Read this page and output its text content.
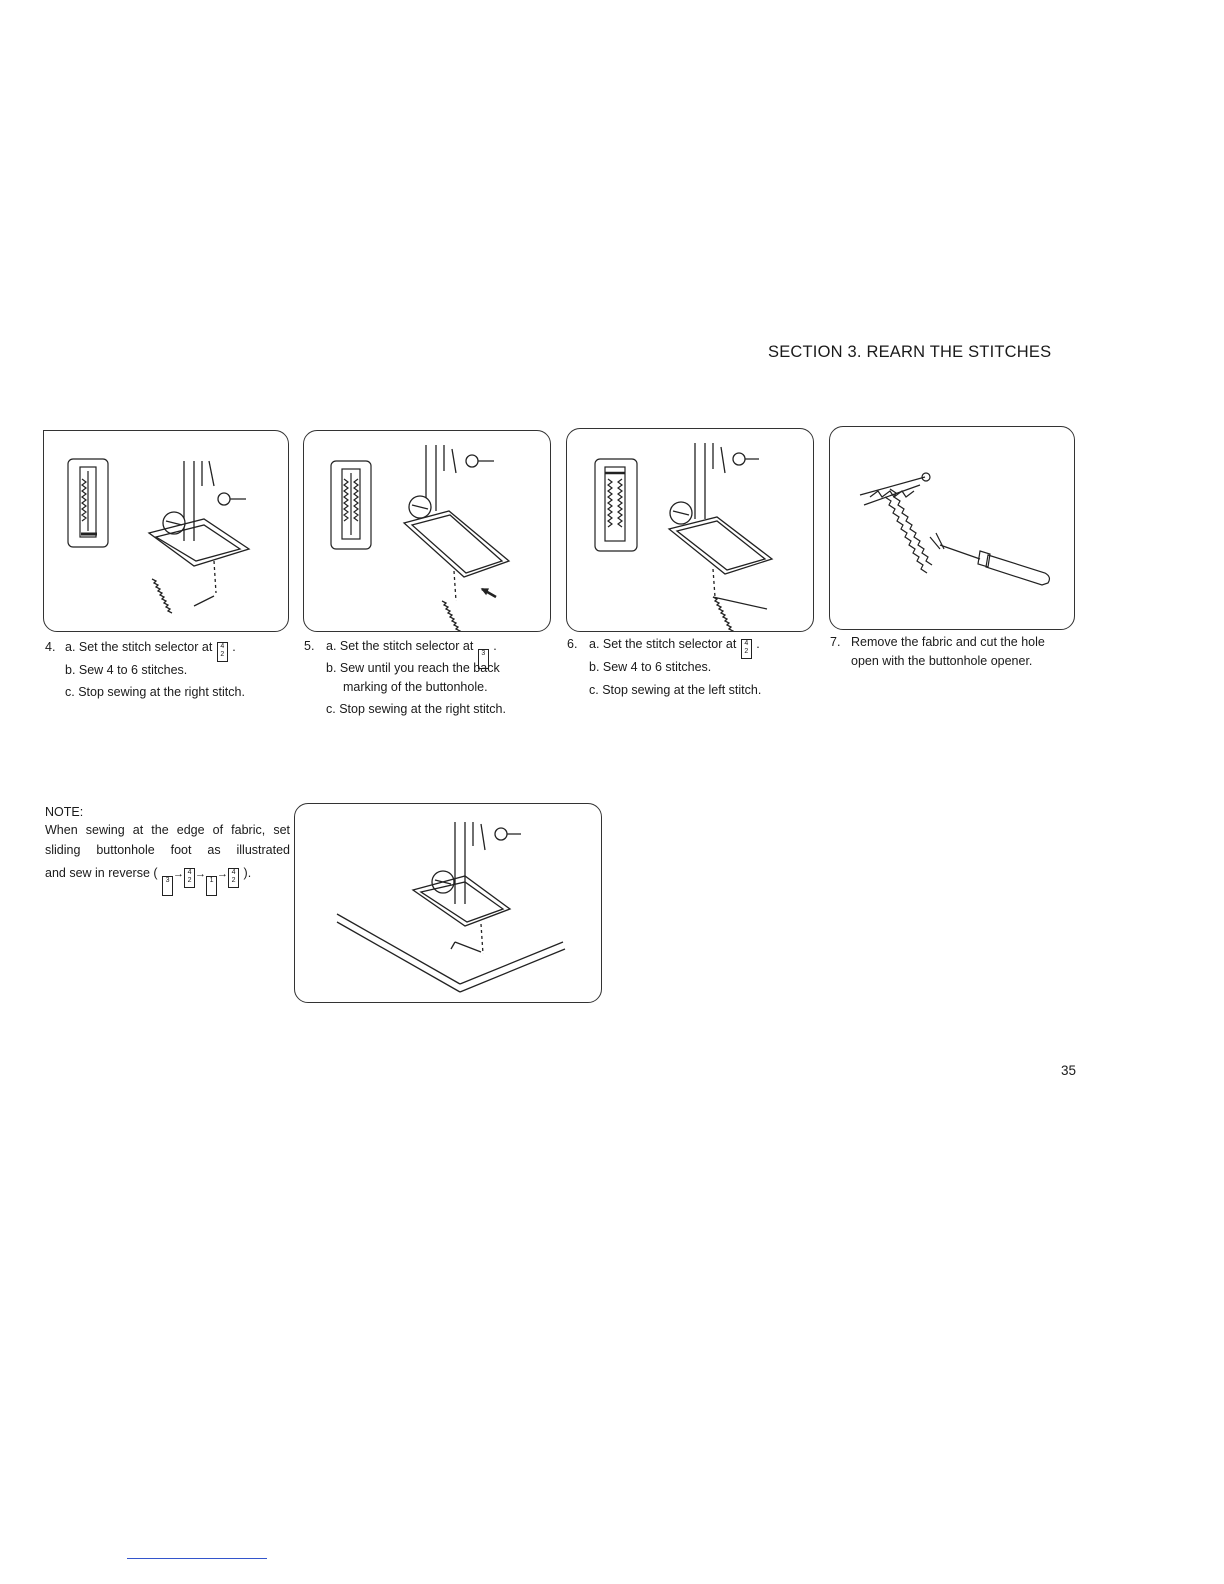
SECTION 3. REARN THE STITCHES
4. a. Set the stitch selector at	4
2
.
b. Sew 4 to 6 stitches.
c. Stop sewing at the right stitch.
5. a. Set the stitch selector at
3
.
b. Sew until you reach the back
marking of the buttonhole.
c. Stop sewing at the right stitch.
6. a. Set the stitch selector at	4
2
.
b. Sew 4 to 6 stitches.
c. Stop sewing at the left stitch.
7. Remove the fabric and cut the hole
open with the buttonhole opener.
NOTE:
When sewing at the edge of fabric, set
sliding buttonhole foot as illustrated
and sew in reverse (
3
→ 4
2
→
1
→ 4
2
).
35
